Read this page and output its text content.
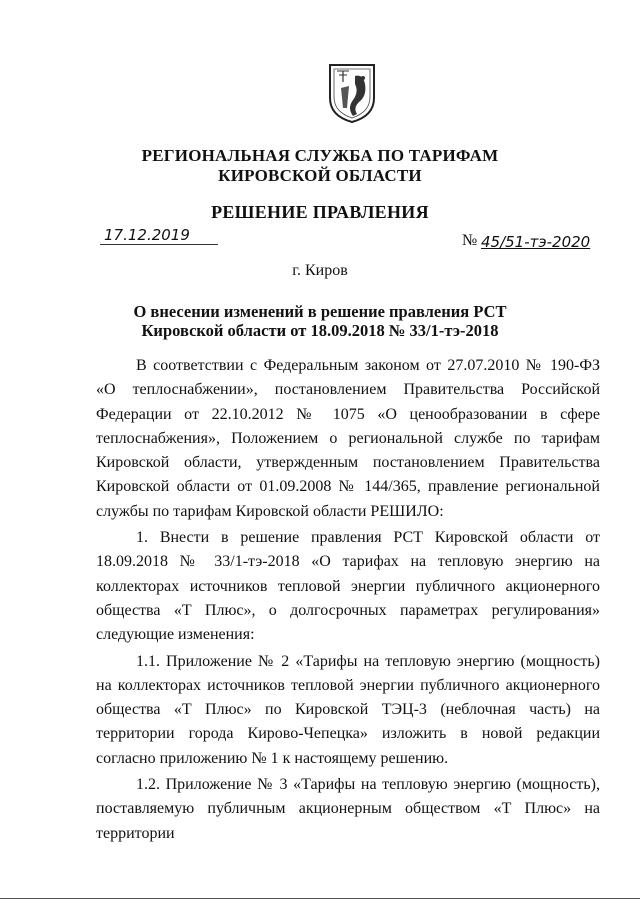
РЕГИОНАЛЬНАЯ СЛУЖБА ПО ТАРИФАМ
КИРОВСКОЙ ОБЛАСТИ
РЕШЕНИЕ ПРАВЛЕНИЯ
17.12.2019	№ 45/51-тэ-2020
г. Киров
О внесении изменений в решение правления РСТ
Кировской области от 18.09.2018 № 33/1-тэ-2018

В соответствии с Федеральным законом от 27.07.2010 № 190-ФЗ «О теплоснабжении», постановлением Правительства Российской Федерации от 22.10.2012 № 1075 «О ценообразовании в сфере теплоснабжения», Положением о региональной службе по тарифам Кировской области, утвержденным постановлением Правительства Кировской области от 01.09.2008 № 144/365, правление региональной службы по тарифам Кировской области РЕШИЛО:

1. Внести в решение правления РСТ Кировской области от 18.09.2018 № 33/1-тэ-2018 «О тарифах на тепловую энергию на коллекторах источников тепловой энергии публичного акционерного общества «Т Плюс», о долгосрочных параметрах регулирования» следующие изменения:

1.1. Приложение № 2 «Тарифы на тепловую энергию (мощность) на коллекторах источников тепловой энергии публичного акционерного общества «Т Плюс» по Кировской ТЭЦ-3 (неблочная часть) на территории города Кирово-Чепецка» изложить в новой редакции согласно приложению № 1 к настоящему решению.

1.2. Приложение № 3 «Тарифы на тепловую энергию (мощность), поставляемую публичным акционерным обществом «Т Плюс» на территории
